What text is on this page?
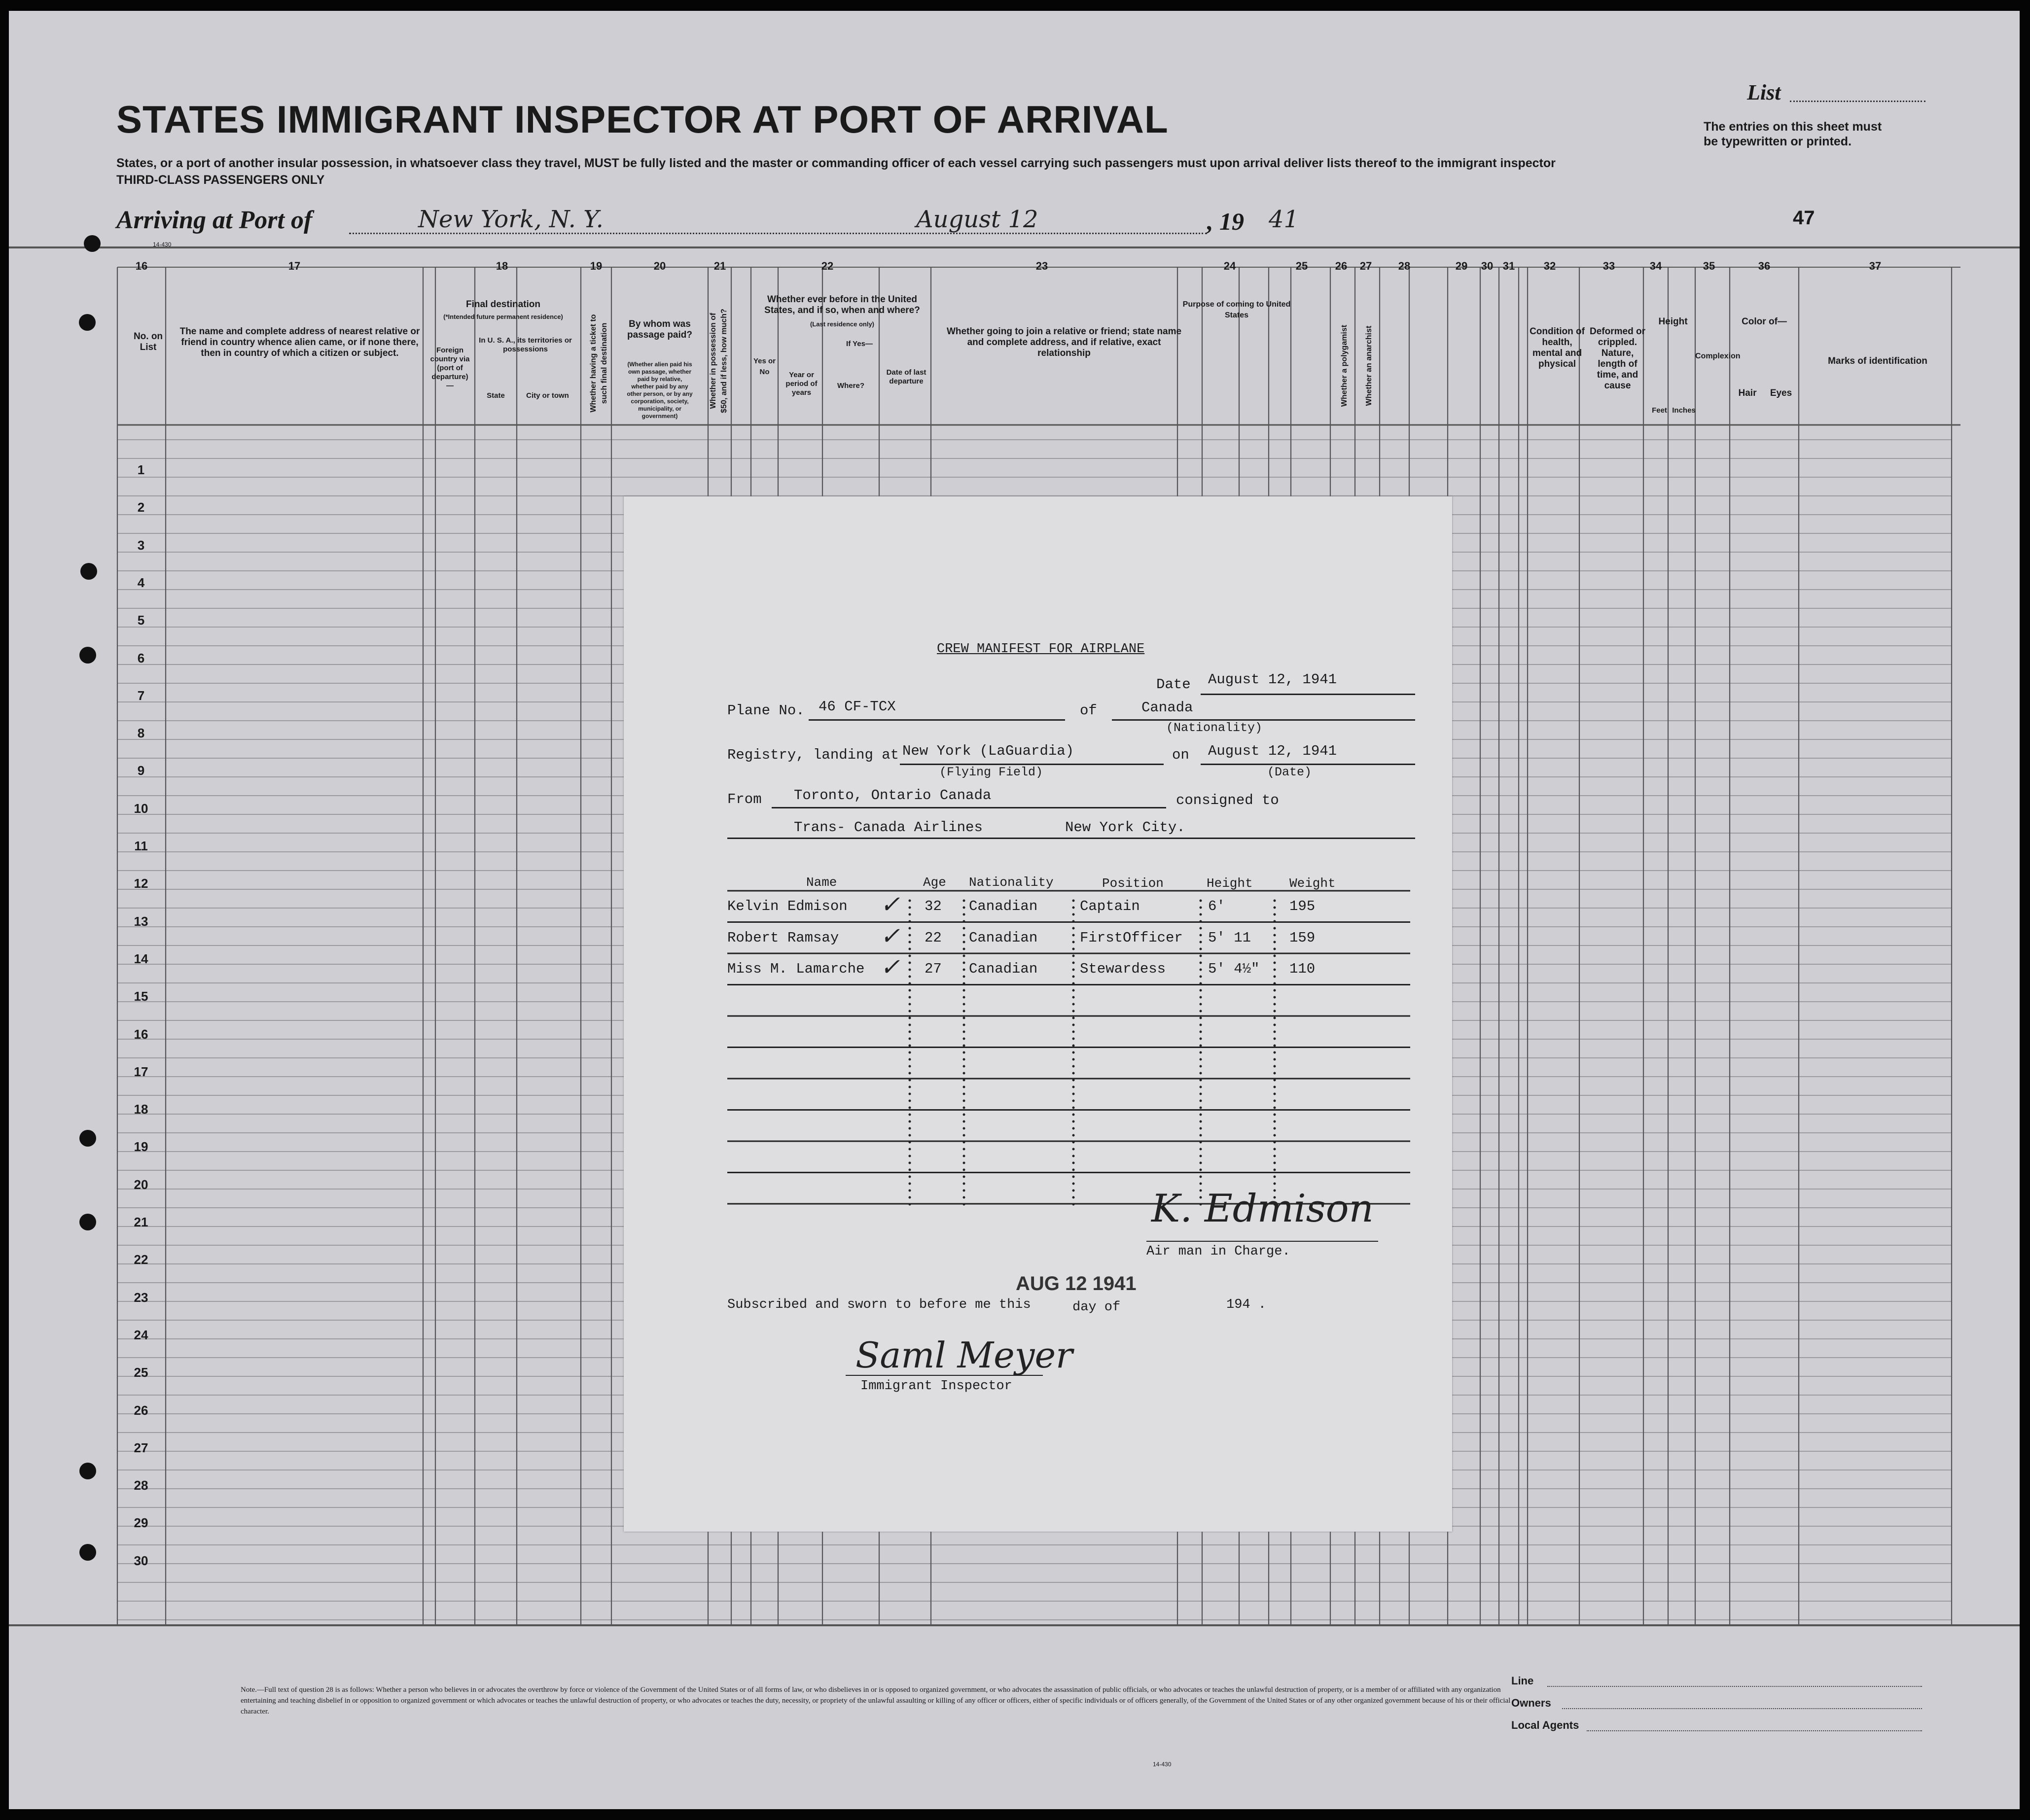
STATES IMMIGRANT INSPECTOR AT PORT OF ARRIVAL
States, or a port of another insular possession, in whatsoever class they travel, MUST be fully listed and the master or commanding officer of each vessel carrying such passengers must upon arrival deliver lists thereof to the immigrant inspector
THIRD-CLASS PASSENGERS ONLY
List
The entries on this sheet must
be typewritten or printed.
Arriving at Port of	New York, N. Y.	August 12	, 19 41	47
14-430
16	17	18	19	20	21	22	23	24	25	26	27	28	29	30 31	32	33	34	35	36	37
No. on List
The name and complete address of nearest relative or friend in country whence alien came, or if none there, then in country of which a citizen or subject.
Final destination
(*Intended future permanent residence)
Foreign country via (port of departure)—
In U. S. A., its territories or possessions
State	City or town
By whom was passage paid?
(Whether alien paid his own passage, whether paid by relative, whether paid by any other person, or by any corporation, society, municipality, or government)
Whether ever before in the United States, and if so, when and where?
(Last residence only)
Yes or No
If Yes—
Year or period of years
Where?
Date of last departure
Whether going to join a relative or friend; state name and complete address, and if relative, exact relationship
Purpose of coming to United States
Condition of health, mental and physical
Deformed or crippled. Nature, length of time, and cause
Height
Feet Inches
Complexion
Color of—
Hair	Eyes
Marks of identification
Whether having a ticket to such final destination	Whether in possession of $50, and if less, how much?	Whether a polygamist	Whether an anarchist
1
2
3
4
5
6
7
8
9
10
11
12
13
14
15
16
17
18
19
20
21
22
23
24
25
26
27
28
29
30
Note.—Full text of question 28 is as follows: Whether a person who believes in or advocates the overthrow by force or violence of the Government of the United States or of all forms of law, or who disbelieves in or is opposed to organized government, or who advocates the assassination of public officials, or who advocates or teaches the unlawful destruction of property, or is a member of or affiliated with any organization entertaining and teaching disbelief in or opposition to organized government or which advocates or teaches the unlawful destruction of property, or who advocates or teaches the duty, necessity, or propriety of the unlawful assaulting or killing of any officer or officers, either of specific individuals or of officers generally, of the Government of the United States or of any other organized government because of his or their official character.
14-430
Line
Owners
Local Agents
CREW MANIFEST FOR AIRPLANE
Date August 12, 1941
Plane No. 46 CF-TCX	of	Canada
(Nationality)
Registry, landing at New York (LaGuardia)
(Flying Field)
on August 12, 1941
(Date)
From Toronto, Ontario Canada	consigned to
Trans- Canada Airlines	New York City.
Name	Age Nationality	Position	Height	Weight
Kelvin Edmison	32 Canadian	Captain	6'	195
✓
Robert Ramsay	22 Canadian	FirstOfficer 5' 11	159
✓
Miss M. Lamarche	27 Canadian	Stewardess	5' 4½" 110
✓
K. Edmison
Air man in Charge.
Subscribed and sworn to before me this
AUG 12 1941
day of	194 .
Saml Meyer
Immigrant Inspector
